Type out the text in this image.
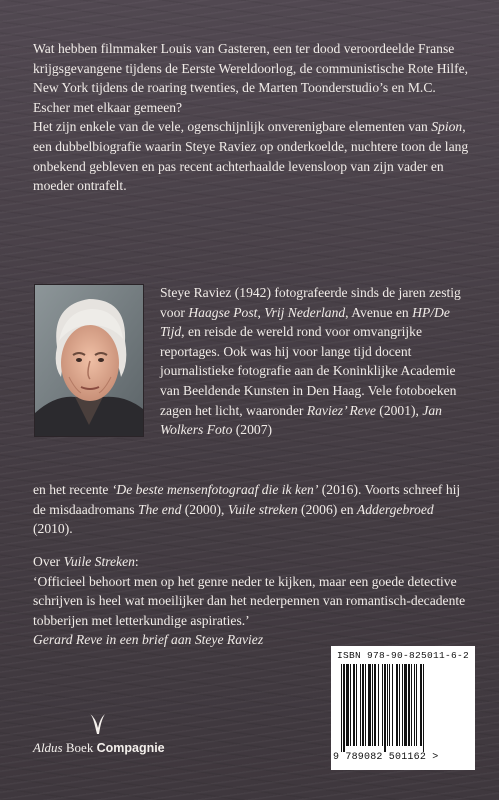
Wat hebben filmmaker Louis van Gasteren, een ter dood veroordeelde Franse krijgsgevangene tijdens de Eerste Wereldoorlog, de communistische Rote Hilfe, New York tijdens de roaring twenties, de Marten Toonderstudio’s en M.C. Escher met elkaar gemeen?

Het zijn enkele van de vele, ogenschijnlijk onverenigbare elementen van Spion, een dubbelbiografie waarin Steye Raviez op onderkoelde, nuchtere toon de lang onbekend gebleven en pas recent achterhaalde levensloop van zijn vader en moeder ontrafelt.

Steye Raviez (1942) fotografeerde sinds de jaren zestig voor Haagse Post, Vrij Nederland, Avenue en HP/De Tijd, en reisde de wereld rond voor omvangrijke reportages. Ook was hij voor lange tijd docent journalistieke fotografie aan de Koninklijke Academie van Beeldende Kunsten in Den Haag. Vele fotoboeken zagen het licht, waaronder Raviez’ Reve (2001), Jan Wolkers Foto (2007)

en het recente ‘De beste mensenfotograaf die ik ken’ (2016). Voorts schreef hij de misdaadromans The end (2000), Vuile streken (2006) en Addergebroed (2010).

Over Vuile Streken:

‘Officieel behoort men op het genre neder te kijken, maar een goede detective schrijven is heel wat moeilijker dan het nederpennen van romantisch-decadente tobberijen met letterkundige aspiraties.’

Gerard Reve in een brief aan Steye Raviez

Aldus Boek Compagnie
ISBN 978-90-825011-6-2
9 789082 501162 >
